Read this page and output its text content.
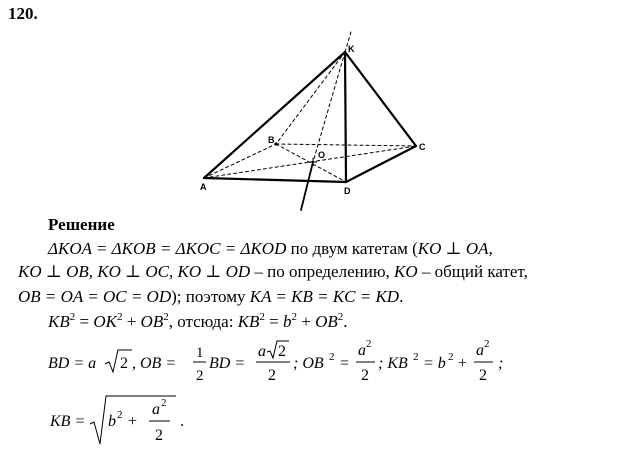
120.
K
A
B
C
D
O
Решение
ΔKOA = ΔKOB = ΔKOC = ΔKOD по двум катетам (KO ⊥ OA,
KO ⊥ OB, KO ⊥ OC, KO ⊥ OD – по определению, KO – общий катет,
OB = OA = OC = OD); поэтому KA = KB = KC = KD.
$KB^2 = OK^2 + OB^2$, отсюда: $KB^2 = b^2 + OB^2$.
BD = a 2 , OB =
1
2
BD =
a 2
2
; OB 2 =
a 2
2
; KB 2 = b 2 +
a 2
2
;
KB = b 2 +
a 2
2
.
